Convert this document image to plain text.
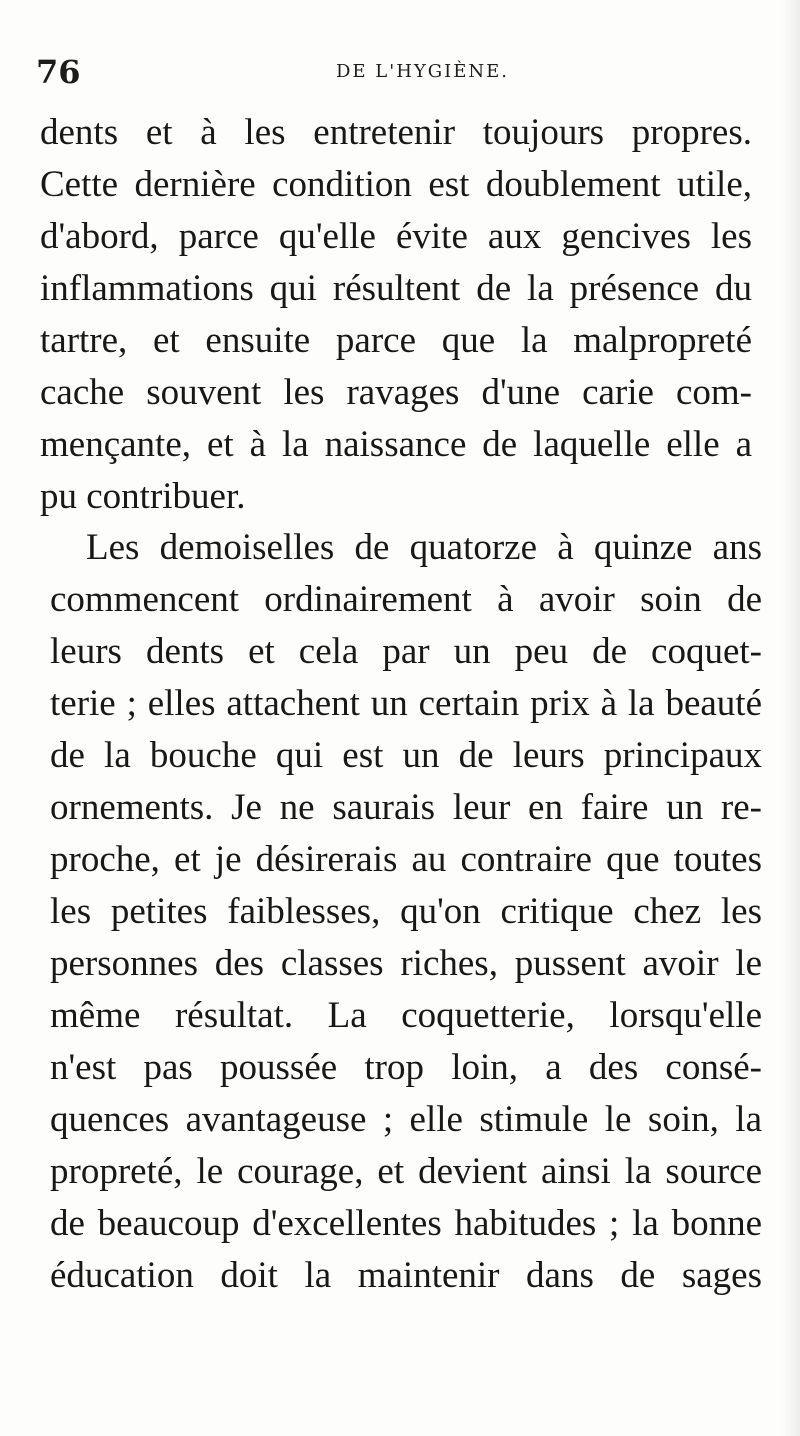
76	DE L'HYGIÈNE.
dents et à les entretenir toujours propres.
Cette dernière condition est doublement utile,
d'abord, parce qu'elle évite aux gencives les
inflammations qui résultent de la présence du
tartre, et ensuite parce que la malpropreté
cache souvent les ravages d'une carie com-
mençante, et à la naissance de laquelle elle a
pu contribuer.
Les demoiselles de quatorze à quinze ans
commencent ordinairement à avoir soin de
leurs dents et cela par un peu de coquet-
terie ; elles attachent un certain prix à la beauté
de la bouche qui est un de leurs principaux
ornements. Je ne saurais leur en faire un re-
proche, et je désirerais au contraire que toutes
les petites faiblesses, qu'on critique chez les
personnes des classes riches, pussent avoir le
même résultat. La coquetterie, lorsqu'elle
n'est pas poussée trop loin, a des consé-
quences avantageuse ; elle stimule le soin, la
propreté, le courage, et devient ainsi la source
de beaucoup d'excellentes habitudes ; la bonne
éducation doit la maintenir dans de sages
